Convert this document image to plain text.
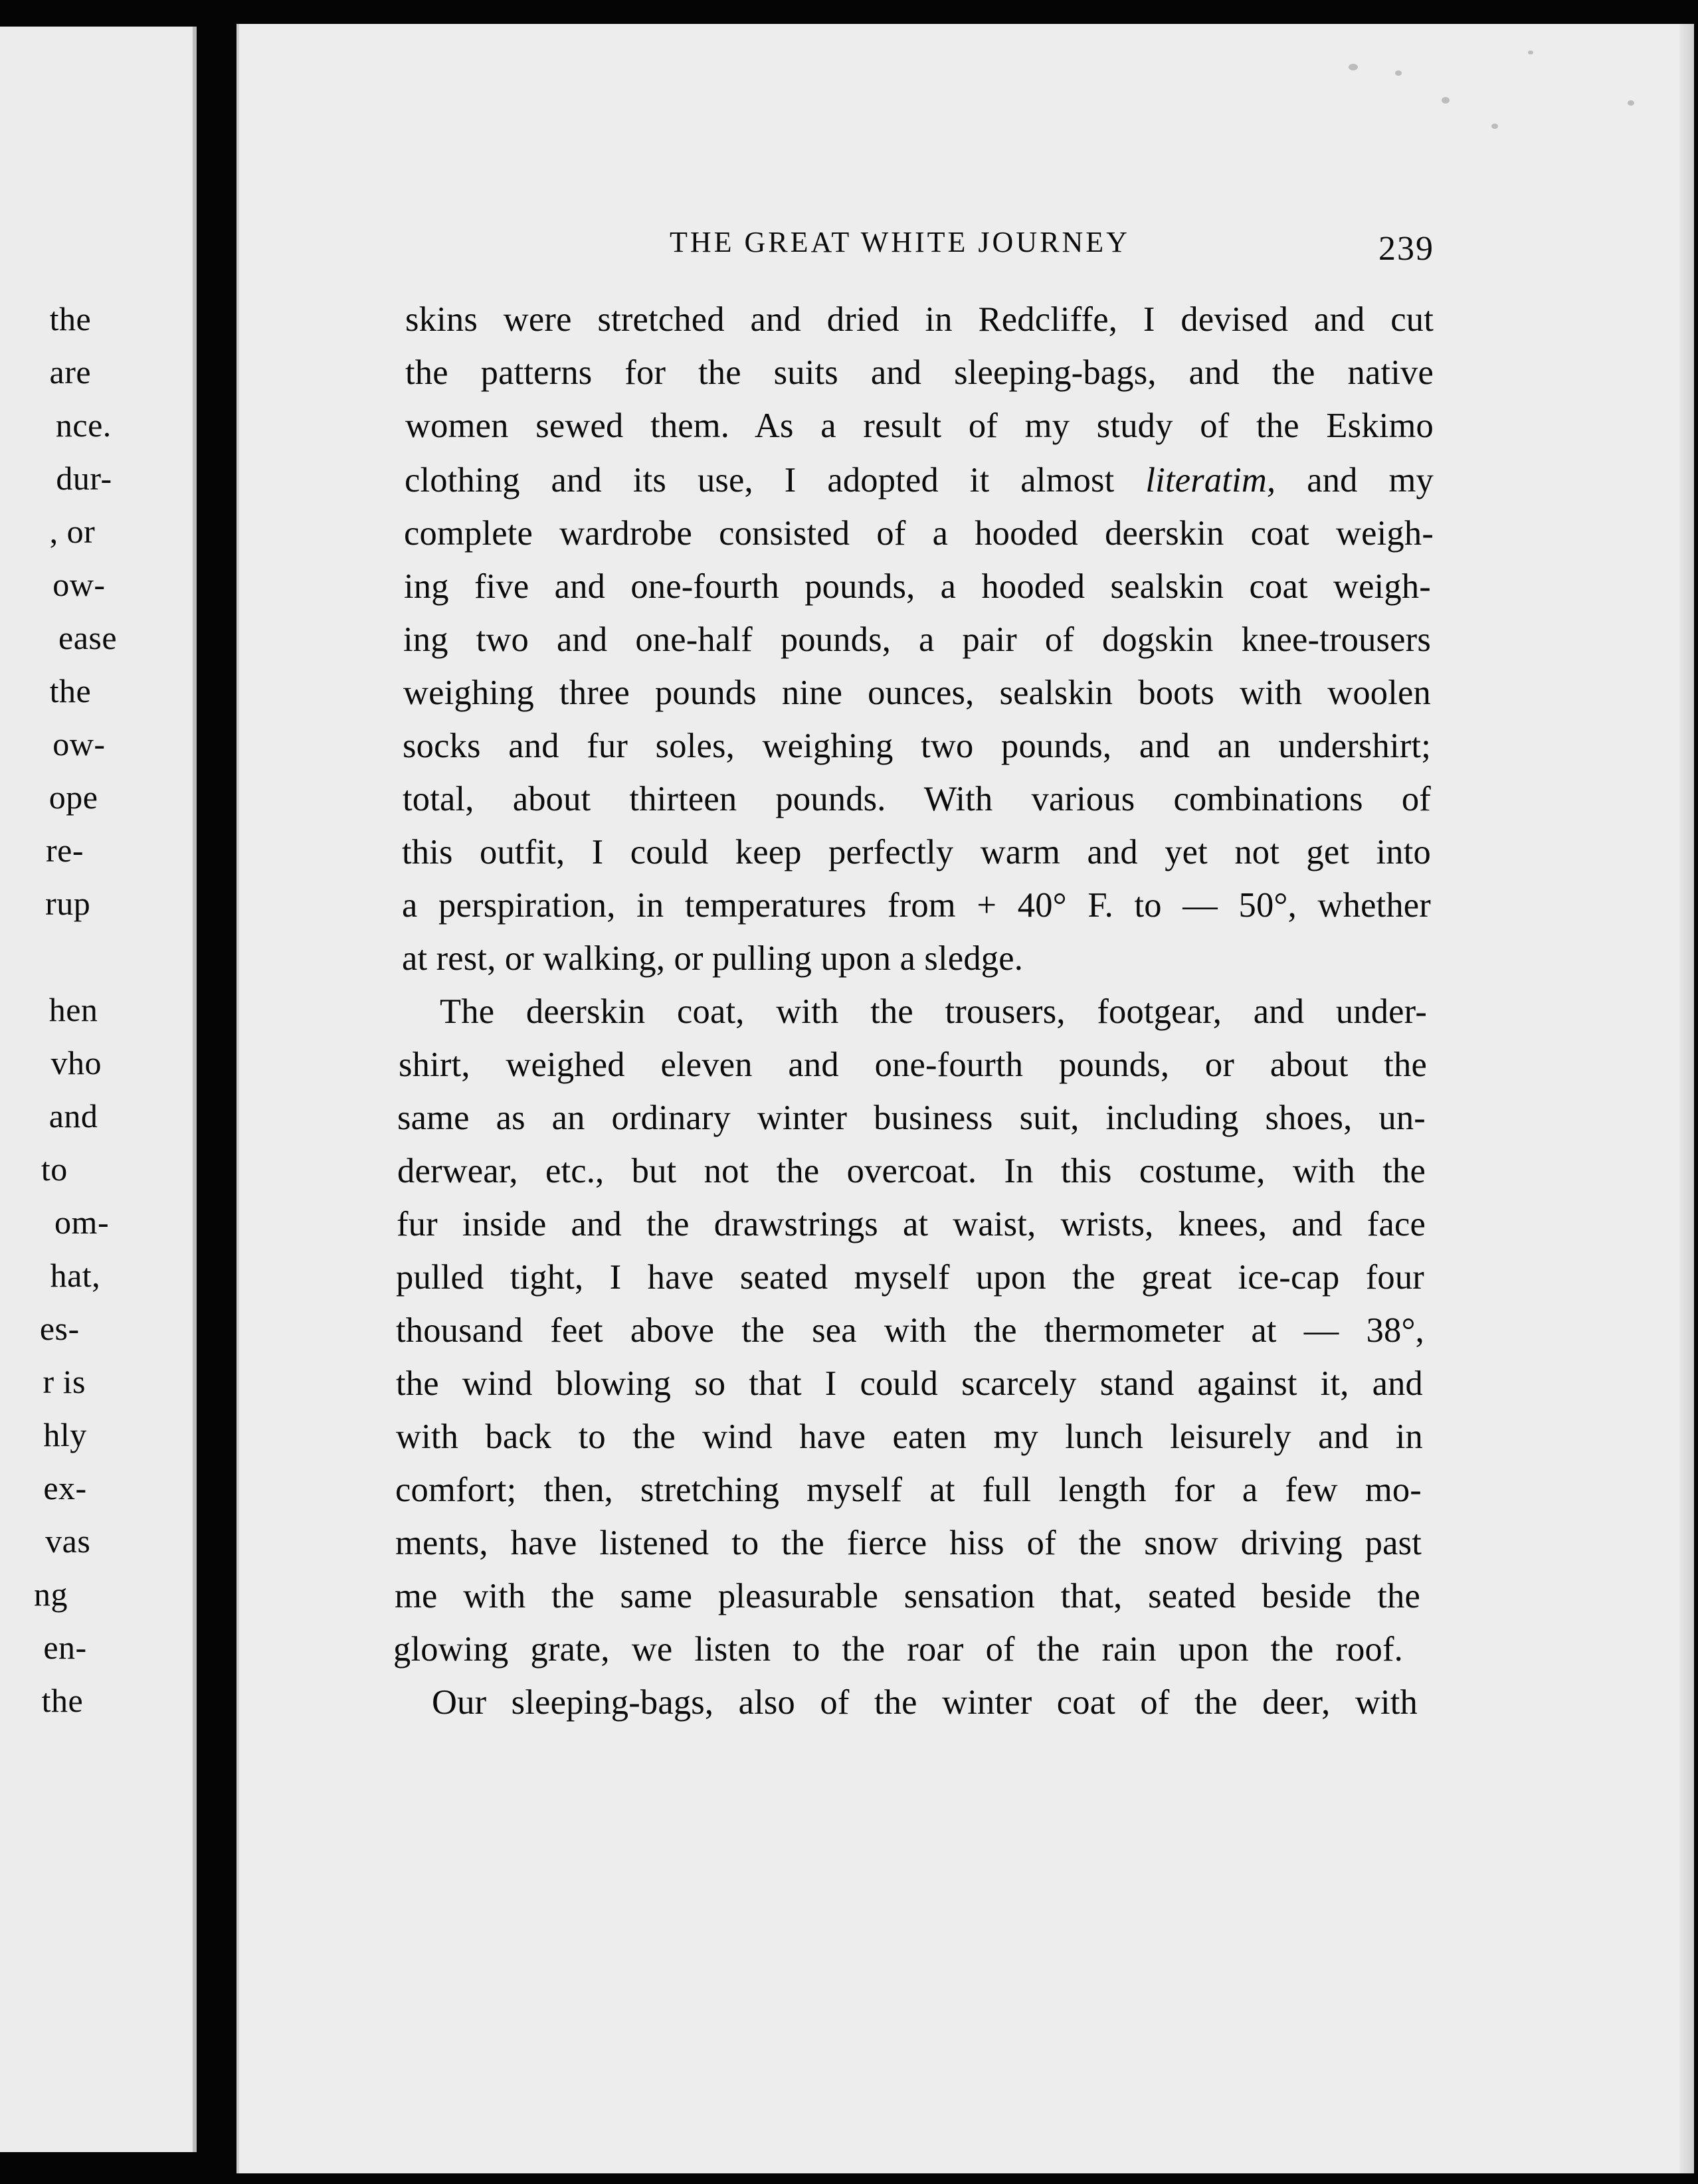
the
are
nce.
dur-
, or
ow-
ease
the
ow-
ope
re-
rup
hen
vho
and
to
om-
hat,
es-
r is
hly
ex-
vas
ng
en-
the
THE GREAT WHITE JOURNEY	239
skins were stretched and dried in Redcliffe, I devised and cut
the patterns for the suits and sleeping-bags, and the native
women sewed them. As a result of my study of the Eskimo
clothing and its use, I adopted it almost literatim, and my
complete wardrobe consisted of a hooded deerskin coat weigh-
ing five and one-fourth pounds, a hooded sealskin coat weigh-
ing two and one-half pounds, a pair of dogskin knee-trousers
weighing three pounds nine ounces, sealskin boots with woolen
socks and fur soles, weighing two pounds, and an undershirt;
total, about thirteen pounds. With various combinations of
this outfit, I could keep perfectly warm and yet not get into
a perspiration, in temperatures from + 40° F. to — 50°, whether
at rest, or walking, or pulling upon a sledge.
The deerskin coat, with the trousers, footgear, and under-
shirt, weighed eleven and one-fourth pounds, or about the
same as an ordinary winter business suit, including shoes, un-
derwear, etc., but not the overcoat. In this costume, with the
fur inside and the drawstrings at waist, wrists, knees, and face
pulled tight, I have seated myself upon the great ice-cap four
thousand feet above the sea with the thermometer at — 38°,
the wind blowing so that I could scarcely stand against it, and
with back to the wind have eaten my lunch leisurely and in
comfort; then, stretching myself at full length for a few mo-
ments, have listened to the fierce hiss of the snow driving past
me with the same pleasurable sensation that, seated beside the
glowing grate, we listen to the roar of the rain upon the roof.
Our sleeping-bags, also of the winter coat of the deer, with
